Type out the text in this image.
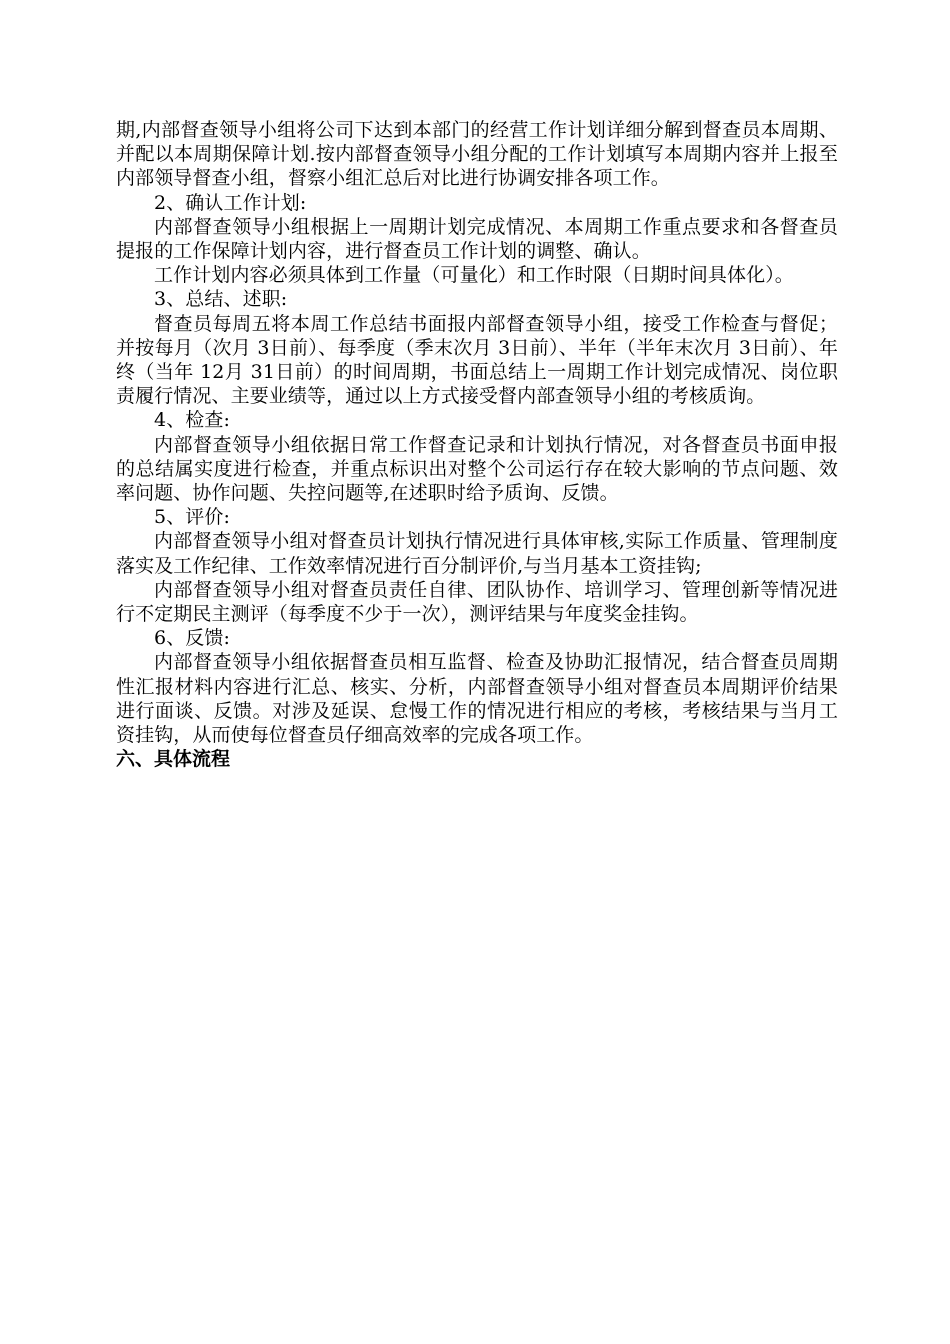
期,内部督查领导小组将公司下达到本部门的经营工作计划详细分解到督查员本周期、并配以本周期保障计划.按内部督查领导小组分配的工作计划填写本周期内容并上报至内部领导督查小组，督察小组汇总后对比进行协调安排各项工作。

2、确认工作计划:

内部督查领导小组根据上一周期计划完成情况、本周期工作重点要求和各督查员提报的工作保障计划内容，进行督查员工作计划的调整、确认。

工作计划内容必须具体到工作量（可量化）和工作时限（日期时间具体化）。

3、总结、述职:

督查员每周五将本周工作总结书面报内部督查领导小组，接受工作检查与督促；并按每月（次月 3日前）、每季度（季末次月 3日前）、半年（半年末次月 3日前）、年终（当年 12月 31日前）的时间周期，书面总结上一周期工作计划完成情况、岗位职责履行情况、主要业绩等，通过以上方式接受督内部查领导小组的考核质询。

4、检查:

内部督查领导小组依据日常工作督查记录和计划执行情况，对各督查员书面申报的总结属实度进行检查，并重点标识出对整个公司运行存在较大影响的节点问题、效率问题、协作问题、失控问题等,在述职时给予质询、反馈。

5、评价:

内部督查领导小组对督查员计划执行情况进行具体审核,实际工作质量、管理制度落实及工作纪律、工作效率情况进行百分制评价,与当月基本工资挂钩;

内部督查领导小组对督查员责任自律、团队协作、培训学习、管理创新等情况进行不定期民主测评（每季度不少于一次），测评结果与年度奖金挂钩。

6、反馈:

内部督查领导小组依据督查员相互监督、检查及协助汇报情况，结合督查员周期性汇报材料内容进行汇总、核实、分析，内部督查领导小组对督查员本周期评价结果进行面谈、反馈。对涉及延误、怠慢工作的情况进行相应的考核，考核结果与当月工资挂钩，从而使每位督查员仔细高效率的完成各项工作。

六、具体流程
